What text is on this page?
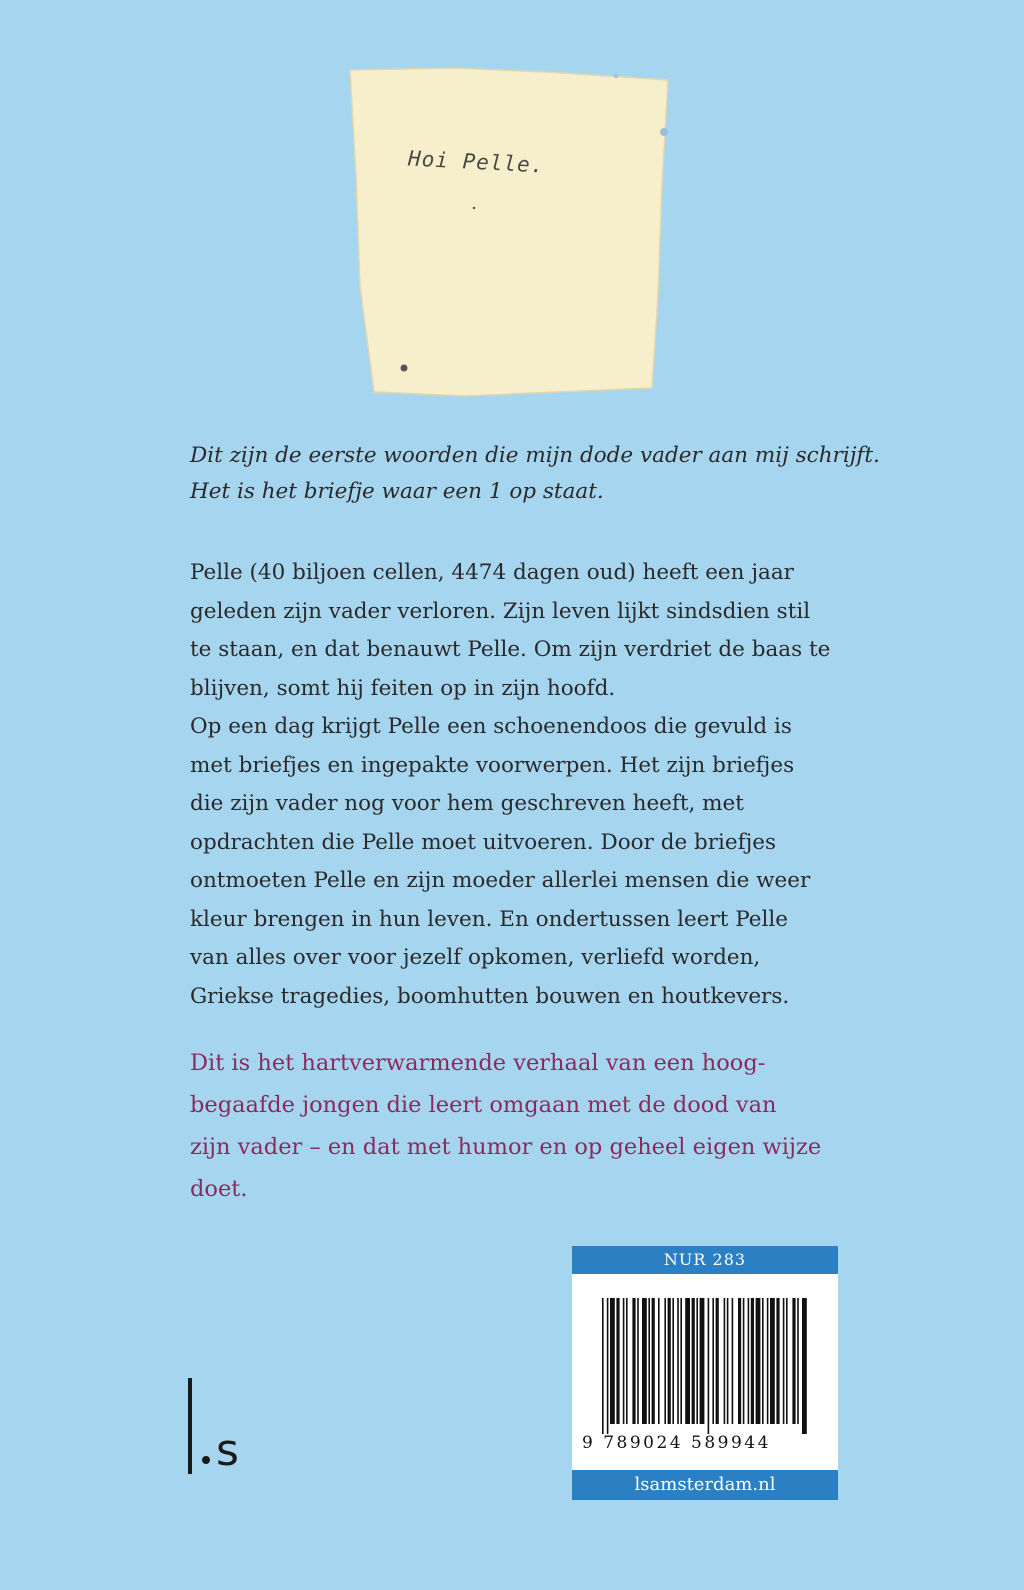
Hoi Pelle.
Dit zijn de eerste woorden die mijn dode vader aan mij schrijft.
Het is het briefje waar een 1 op staat.
Pelle (40 biljoen cellen, 4474 dagen oud) heeft een jaar
geleden zijn vader verloren. Zijn leven lijkt sindsdien stil
te staan, en dat benauwt Pelle. Om zijn verdriet de baas te
blijven, somt hij feiten op in zijn hoofd.
Op een dag krijgt Pelle een schoenendoos die gevuld is
met briefjes en ingepakte voorwerpen. Het zijn briefjes
die zijn vader nog voor hem geschreven heeft, met
opdrachten die Pelle moet uitvoeren. Door de briefjes
ontmoeten Pelle en zijn moeder allerlei mensen die weer
kleur brengen in hun leven. En ondertussen leert Pelle
van alles over voor jezelf opkomen, verliefd worden,
Griekse tragedies, boomhutten bouwen en houtkevers.
Dit is het hartverwarmende verhaal van een hoog-
begaafde jongen die leert omgaan met de dood van
zijn vader – en dat met humor en op geheel eigen wijze
doet.
s
NUR 283
9 789024 589944
lsamsterdam.nl
